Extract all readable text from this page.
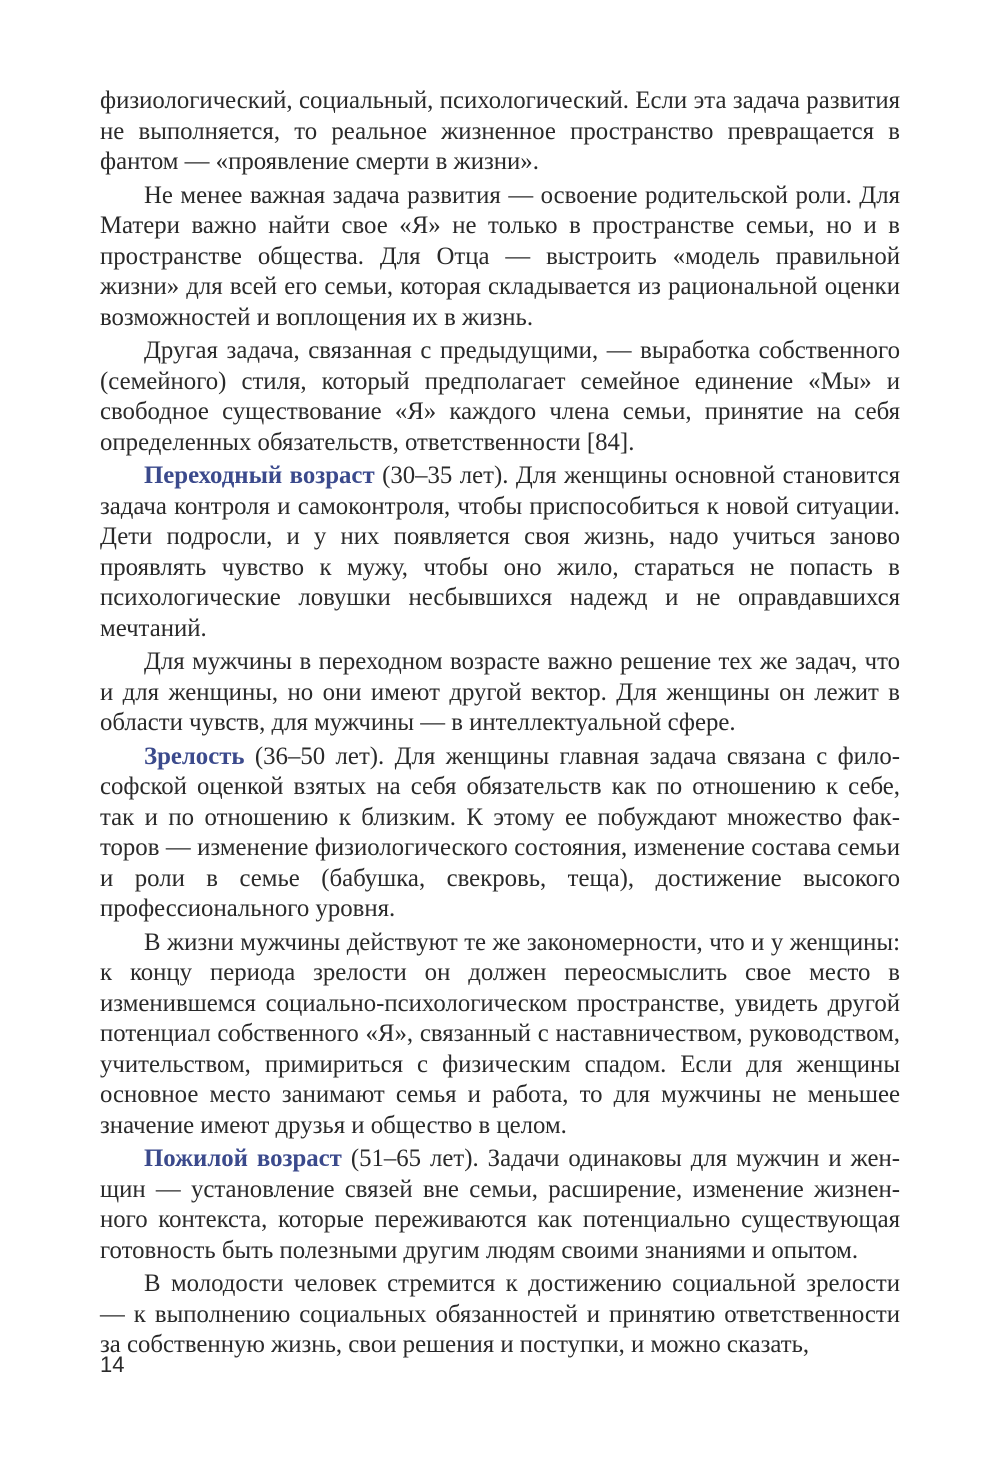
физиологический, социальный, психологический. Если эта задача развития не выполняется, то реальное жизненное пространство превращается в фантом — «проявление смерти в жизни».

Не менее важная задача развития — освоение родительской роли. Для Матери важно найти свое «Я» не только в пространстве семьи, но и в пространстве общества. Для Отца — выстроить «модель правильной жизни» для всей его семьи, которая складывается из рациональной оценки возможностей и воплощения их в жизнь.

Другая задача, связанная с предыдущими, — выработка собственного (семейного) стиля, который предполагает семейное единение «Мы» и свободное существование «Я» каждого члена семьи, принятие на себя определенных обязательств, ответственности [84].

Переходный возраст (30–35 лет). Для женщины основной становится задача контроля и самоконтроля, чтобы приспособиться к новой ситуации. Дети подросли, и у них появляется своя жизнь, надо учиться заново проявлять чувство к мужу, чтобы оно жило, стараться не попасть в психологические ловушки несбывшихся надежд и не оправдавшихся мечтаний.

Для мужчины в переходном возрасте важно решение тех же задач, что и для женщины, но они имеют другой вектор. Для женщины он лежит в области чувств, для мужчины — в интеллектуальной сфере.

Зрелость (36–50 лет). Для женщины главная задача связана с философской оценкой взятых на себя обязательств как по отношению к себе, так и по отношению к близким. К этому ее побуждают множество факторов — изменение физиологического состояния, изменение состава семьи и роли в семье (бабушка, свекровь, теща), достижение высокого профессионального уровня.

В жизни мужчины действуют те же закономерности, что и у женщины: к концу периода зрелости он должен переосмыслить свое место в изменившемся социально-психологическом пространстве, увидеть другой потенциал собственного «Я», связанный с наставничеством, руководством, учительством, примириться с физическим спадом. Если для женщины основное место занимают семья и работа, то для мужчины не меньшее значение имеют друзья и общество в целом.

Пожилой возраст (51–65 лет). Задачи одинаковы для мужчин и женщин — установление связей вне семьи, расширение, изменение жизненного контекста, которые переживаются как потенциально существующая готовность быть полезными другим людям своими знаниями и опытом.

В молодости человек стремится к достижению социальной зрелости — к выполнению социальных обязанностей и принятию ответственности за собственную жизнь, свои решения и поступки, и можно сказать,

14
